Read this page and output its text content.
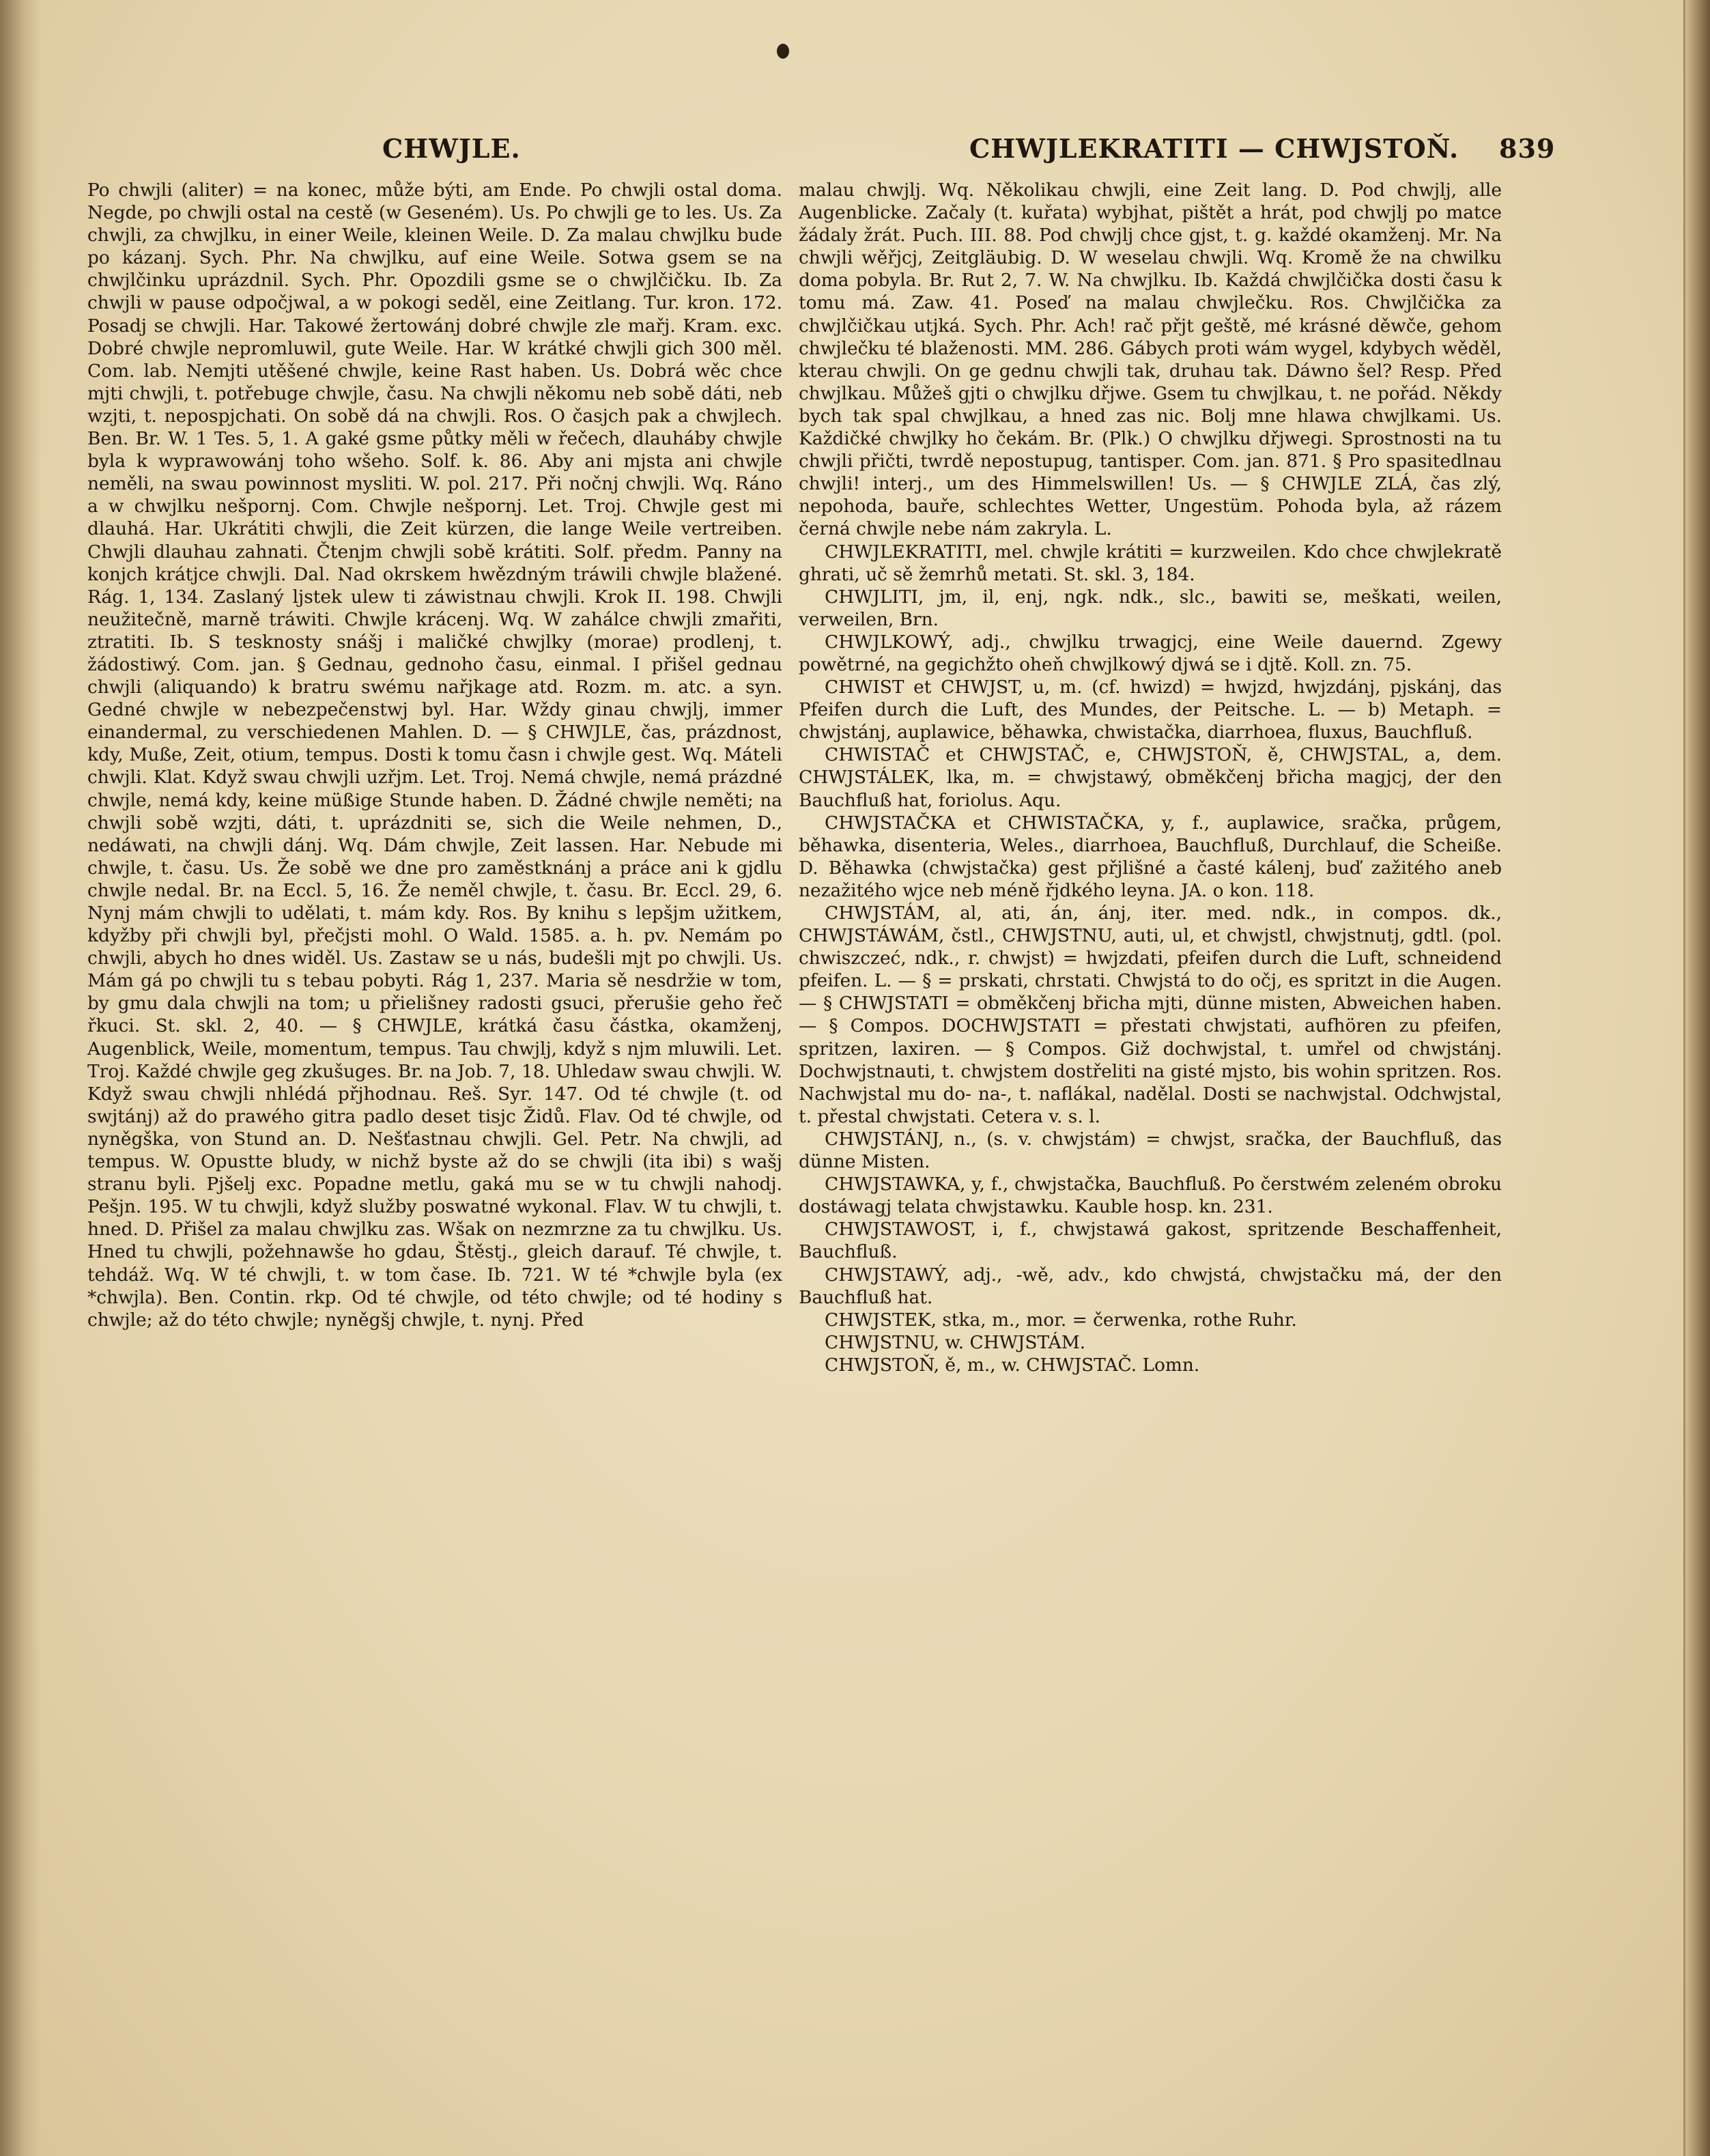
CHWJLE.	CHWJLEKRATITI — CHWJSTOŇ. 839

Po chwjli (aliter) = na konec, může býti, am Ende. Po chwjli ostal doma. Negde, po chwjli ostal na cestě (w Geseném). Us. Po chwjli ge to les. Us. Za chwjli, za chwjlku, in einer Weile, kleinen Weile. D. Za malau chwjlku bude po kázanj. Sych. Phr. Na chwjlku, auf eine Weile. Sotwa gsem se na chwjlčinku uprázdnil. Sych. Phr. Opozdili gsme se o chwjlčičku. Ib. Za chwjli w pause odpočjwal, a w pokogi seděl, eine Zeitlang. Tur. kron. 172. Posadj se chwjli. Har. Takowé žertowánj dobré chwjle zle mařj. Kram. exc. Dobré chwjle nepromluwil, gute Weile. Har. W krátké chwjli gich 300 měl. Com. lab. Nemjti utěšené chwjle, keine Rast haben. Us. Dobrá wěc chce mjti chwjli, t. potřebuge chwjle, času. Na chwjli někomu neb sobě dáti, neb wzjti, t. nepospjchati. On sobě dá na chwjli. Ros. O časjch pak a chwjlech. Ben. Br. W. 1 Tes. 5, 1. A gaké gsme půtky měli w řečech, dlauháby chwjle byla k wyprawowánj toho wšeho. Solf. k. 86. Aby ani mjsta ani chwjle neměli, na swau powinnost mysliti. W. pol. 217. Při nočnj chwjli. Wq. Ráno a w chwjlku nešpornj. Com. Chwjle nešpornj. Let. Troj. Chwjle gest mi dlauhá. Har. Ukrátiti chwjli, die Zeit kürzen, die lange Weile vertreiben. Chwjli dlauhau zahnati. Čtenjm chwjli sobě krátiti. Solf. předm. Panny na konjch krátjce chwjli. Dal. Nad okrskem hwězdným tráwili chwjle blažené. Rág. 1, 134. Zaslaný ljstek ulew ti záwistnau chwjli. Krok II. 198. Chwjli neužitečně, marně tráwiti. Chwjle krácenj. Wq. W zahálce chwjli zmařiti, ztratiti. Ib. S tesknosty snášj i maličké chwjlky (morae) prodlenj, t. žádostiwý. Com. jan. § Gednau, gednoho času, einmal. I přišel gednau chwjli (aliquando) k bratru swému nařjkage atd. Rozm. m. atc. a syn. Gedné chwjle w nebezpečenstwj byl. Har. Wždy ginau chwjlj, immer einandermal, zu verschiedenen Mahlen. D. — § CHWJLE, čas, prázdnost, kdy, Muße, Zeit, otium, tempus. Dosti k tomu časn i chwjle gest. Wq. Máteli chwjli. Klat. Když swau chwjli uzřjm. Let. Troj. Nemá chwjle, nemá prázdné chwjle, nemá kdy, keine müßige Stunde haben. D. Žádné chwjle neměti; na chwjli sobě wzjti, dáti, t. uprázdniti se, sich die Weile nehmen, D., nedáwati, na chwjli dánj. Wq. Dám chwjle, Zeit lassen. Har. Nebude mi chwjle, t. času. Us. Že sobě we dne pro zaměstknánj a práce ani k gjdlu chwjle nedal. Br. na Eccl. 5, 16. Že neměl chwjle, t. času. Br. Eccl. 29, 6. Nynj mám chwjli to udělati, t. mám kdy. Ros. By knihu s lepšjm užitkem, kdyžby při chwjli byl, přečjsti mohl. O Wald. 1585. a. h. pv. Nemám po chwjli, abych ho dnes widěl. Us. Zastaw se u nás, budešli mjt po chwjli. Us. Mám gá po chwjli tu s tebau pobyti. Rág 1, 237. Maria sě nesdržie w tom, by gmu dala chwjli na tom; u přielišney radosti gsuci, přerušie geho řeč řkuci. St. skl. 2, 40. — § CHWJLE, krátká času částka, okamženj, Augenblick, Weile, momentum, tempus. Tau chwjlj, když s njm mluwili. Let. Troj. Každé chwjle geg zkušuges. Br. na Job. 7, 18. Uhledaw swau chwjli. W. Když swau chwjli nhlédá přjhodnau. Reš. Syr. 147. Od té chwjle (t. od swjtánj) až do prawého gitra padlo deset tisjc Židů. Flav. Od té chwjle, od nyněgška, von Stund an. D. Nešťastnau chwjli. Gel. Petr. Na chwjli, ad tempus. W. Opustte bludy, w nichž byste až do se chwjli (ita ibi) s wašj stranu byli. Pjšelj exc. Popadne metlu, gaká mu se w tu chwjli nahodj. Pešjn. 195. W tu chwjli, když služby poswatné wykonal. Flav. W tu chwjli, t. hned. D. Přišel za malau chwjlku zas. Wšak on nezmrzne za tu chwjlku. Us. Hned tu chwjli, požehnawše ho gdau, Štěstj., gleich darauf. Té chwjle, t. tehdáž. Wq. W té chwjli, t. w tom čase. Ib. 721. W té *chwjle byla (ex *chwjla). Ben. Contin. rkp. Od té chwjle, od této chwjle; od té hodiny s chwjle; až do této chwjle; nyněgšj chwjle, t. nynj. Před

malau chwjlj. Wq. Několikau chwjli, eine Zeit lang. D. Pod chwjlj, alle Augenblicke. Začaly (t. kuřata) wybjhat, pištět a hrát, pod chwjlj po matce žádaly žrát. Puch. III. 88. Pod chwjlj chce gjst, t. g. každé okamženj. Mr. Na chwjli wěřjcj, Zeitgläubig. D. W weselau chwjli. Wq. Kromě že na chwilku doma pobyla. Br. Rut 2, 7. W. Na chwjlku. Ib. Každá chwjlčička dosti času k tomu má. Zaw. 41. Poseď na malau chwjlečku. Ros. Chwjlčička za chwjlčičkau utjká. Sych. Phr. Ach! rač přjt geště, mé krásné děwče, gehom chwjlečku té blaženosti. MM. 286. Gábych proti wám wygel, kdybych wěděl, kterau chwjli. On ge gednu chwjli tak, druhau tak. Dáwno šel? Resp. Před chwjlkau. Můžeš gjti o chwjlku dřjwe. Gsem tu chwjlkau, t. ne pořád. Někdy bych tak spal chwjlkau, a hned zas nic. Bolj mne hlawa chwjlkami. Us. Každičké chwjlky ho čekám. Br. (Plk.) O chwjlku dřjwegi. Sprostnosti na tu chwjli přičti, twrdě nepostupug, tantisper. Com. jan. 871. § Pro spasitedlnau chwjli! interj., um des Himmelswillen! Us. — § CHWJLE ZLÁ, čas zlý, nepohoda, bauře, schlechtes Wetter, Ungestüm. Pohoda byla, až rázem černá chwjle nebe nám zakryla. L.

CHWJLEKRATITI, mel. chwjle krátiti = kurzweilen. Kdo chce chwjlekratě ghrati, uč sě žemrhů metati. St. skl. 3, 184.

CHWJLITI, jm, il, enj, ngk. ndk., slc., bawiti se, meškati, weilen, verweilen, Brn.

CHWJLKOWÝ, adj., chwjlku trwagjcj, eine Weile dauernd. Zgewy powětrné, na gegichžto oheň chwjlkowý djwá se i djtě. Koll. zn. 75.

CHWIST et CHWJST, u, m. (cf. hwizd) = hwjzd, hwjzdánj, pjskánj, das Pfeifen durch die Luft, des Mundes, der Peitsche. L. — b) Metaph. = chwjstánj, auplawice, běhawka, chwistačka, diarrhoea, fluxus, Bauchfluß.

CHWISTAČ et CHWJSTAČ, e, CHWJSTOŇ, ě, CHWJSTAL, a, dem. CHWJSTÁLEK, lka, m. = chwjstawý, obměkčenj břicha magjcj, der den Bauchfluß hat, foriolus. Aqu.

CHWJSTAČKA et CHWISTAČKA, y, f., auplawice, sračka, průgem, běhawka, disenteria, Weles., diarrhoea, Bauchfluß, Durchlauf, die Scheiße. D. Běhawka (chwjstačka) gest přjlišné a časté kálenj, buď zažitého aneb nezažitého wjce neb méně řjdkého leyna. JA. o kon. 118.

CHWJSTÁM, al, ati, án, ánj, iter. med. ndk., in compos. dk., CHWJSTÁWÁM, čstl., CHWJSTNU, auti, ul, et chwjstl, chwjstnutj, gdtl. (pol. chwiszczeć, ndk., r. chwjst) = hwjzdati, pfeifen durch die Luft, schneidend pfeifen. L. — § = prskati, chrstati. Chwjstá to do očj, es spritzt in die Augen. — § CHWJSTATI = obměkčenj břicha mjti, dünne misten, Abweichen haben. — § Compos. DOCHWJSTATI = přestati chwjstati, aufhören zu pfeifen, spritzen, laxiren. — § Compos. Giž dochwjstal, t. umřel od chwjstánj. Dochwjstnauti, t. chwjstem dostřeliti na gisté mjsto, bis wohin spritzen. Ros. Nachwjstal mu do- na-, t. naflákal, nadělal. Dosti se nachwjstal. Odchwjstal, t. přestal chwjstati. Cetera v. s. l.

CHWJSTÁNJ, n., (s. v. chwjstám) = chwjst, sračka, der Bauchfluß, das dünne Misten.

CHWJSTAWKA, y, f., chwjstačka, Bauchfluß. Po čerstwém zeleném obroku dostáwagj telata chwjstawku. Kauble hosp. kn. 231.

CHWJSTAWOST, i, f., chwjstawá gakost, spritzende Beschaffenheit, Bauchfluß.

CHWJSTAWÝ, adj., -wě, adv., kdo chwjstá, chwjstačku má, der den Bauchfluß hat.

CHWJSTEK, stka, m., mor. = čerwenka, rothe Ruhr.

CHWJSTNU, w. CHWJSTÁM.

CHWJSTOŇ, ě, m., w. CHWJSTAČ. Lomn.
